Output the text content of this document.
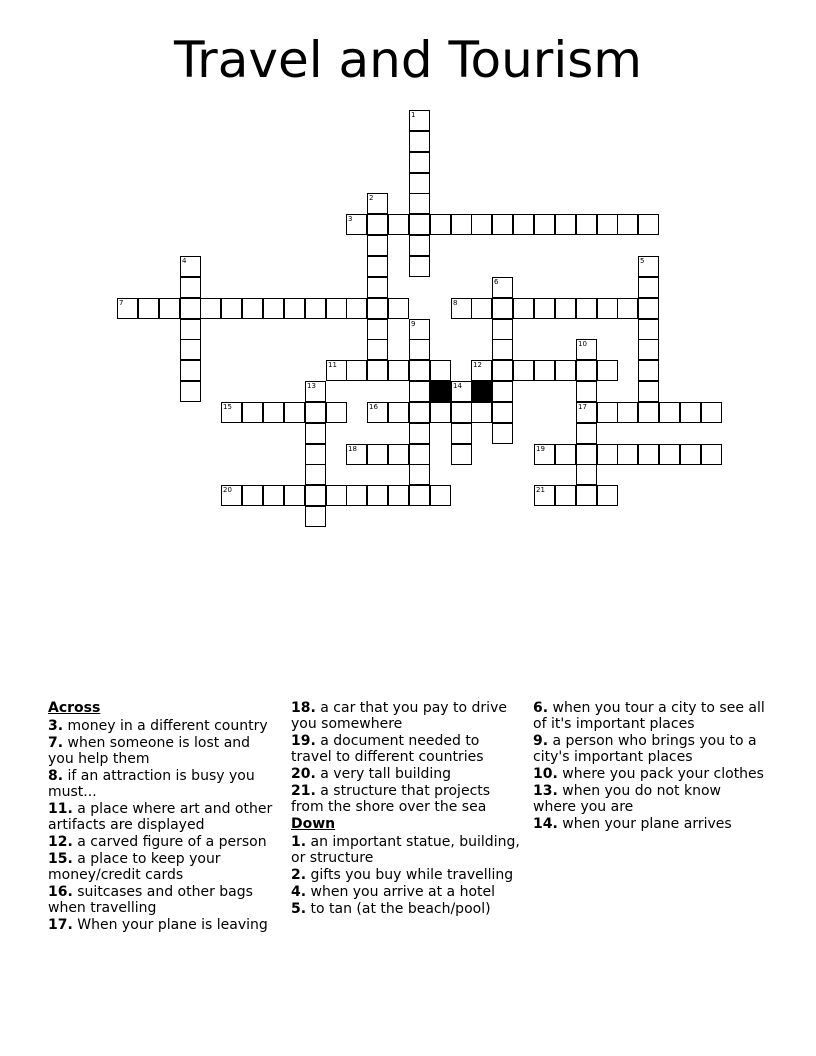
Travel and Tourism
1
2
3
4	5
6
7	8
9
10
11	12
13	14
15	16	17
18	19
20	21
Across
3. money in a different country
7. when someone is lost and you help them
8. if an attraction is busy you must...
11. a place where art and other artifacts are displayed
12. a carved figure of a person
15. a place to keep your money/credit cards
16. suitcases and other bags when travelling
17. When your plane is leaving
18. a car that you pay to drive you somewhere
19. a document needed to travel to different countries
20. a very tall building
21. a structure that projects from the shore over the sea
Down
1. an important statue, building, or structure
2. gifts you buy while travelling
4. when you arrive at a hotel
5. to tan (at the beach/pool)
6. when you tour a city to see all of it's important places
9. a person who brings you to a city's important places
10. where you pack your clothes
13. when you do not know where you are
14. when your plane arrives
